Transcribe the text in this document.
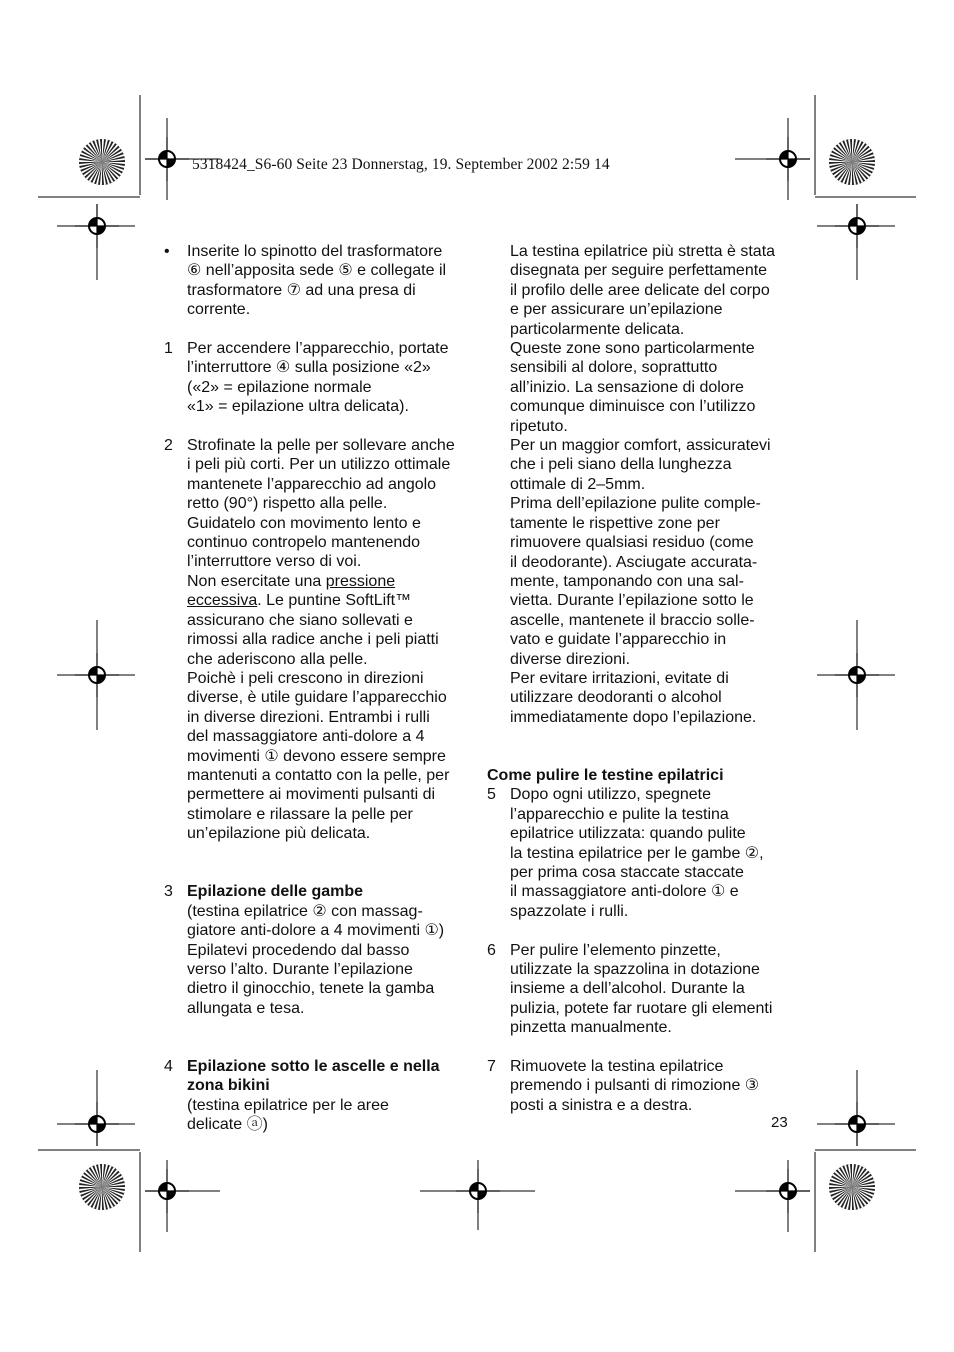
5318424_S6-60 Seite 23 Donnerstag, 19. September 2002 2:59 14
• Inserite lo spinotto del trasformatore
⑥ nell’apposita sede ⑤ e collegate il
trasformatore ⑦ ad una presa di
corrente.
1 Per accendere l’apparecchio, portate
l’interruttore ④ sulla posizione «2»
(«2» = epilazione normale
«1» = epilazione ultra delicata).
2 Strofinate la pelle per sollevare anche
i peli più corti. Per un utilizzo ottimale
mantenete l’apparecchio ad angolo
retto (90°) rispetto alla pelle.
Guidatelo con movimento lento e
continuo contropelo mantenendo
l’interruttore verso di voi.
Non esercitate una pressione
eccessiva. Le puntine SoftLift™
assicurano che siano sollevati e
rimossi alla radice anche i peli piatti
che aderiscono alla pelle.
Poichè i peli crescono in direzioni
diverse, è utile guidare l’apparecchio
in diverse direzioni. Entrambi i rulli
del massaggiatore anti-dolore a 4
movimenti ① devono essere sempre
mantenuti a contatto con la pelle, per
permettere ai movimenti pulsanti di
stimolare e rilassare la pelle per
un’epilazione più delicata.
3 Epilazione delle gambe
(testina epilatrice ② con massag-
giatore anti-dolore a 4 movimenti ①)
Epilatevi procedendo dal basso
verso l’alto. Durante l’epilazione
dietro il ginocchio, tenete la gamba
allungata e tesa.
4 Epilazione sotto le ascelle e nella
zona bikini
(testina epilatrice per le aree
delicate ⓐ)
La testina epilatrice più stretta è stata
disegnata per seguire perfettamente
il profilo delle aree delicate del corpo
e per assicurare un’epilazione
particolarmente delicata.
Queste zone sono particolarmente
sensibili al dolore, soprattutto
all’inizio. La sensazione di dolore
comunque diminuisce con l’utilizzo
ripetuto.
Per un maggior comfort, assicuratevi
che i peli siano della lunghezza
ottimale di 2–5mm.
Prima dell’epilazione pulite comple-
tamente le rispettive zone per
rimuovere qualsiasi residuo (come
il deodorante). Asciugate accurata-
mente, tamponando con una sal-
vietta. Durante l’epilazione sotto le
ascelle, mantenete il braccio solle-
vato e guidate l’apparecchio in
diverse direzioni.
Per evitare irritazioni, evitate di
utilizzare deodoranti o alcohol
immediatamente dopo l’epilazione.
Come pulire le testine epilatrici
5 Dopo ogni utilizzo, spegnete
l’apparecchio e pulite la testina
epilatrice utilizzata: quando pulite
la testina epilatrice per le gambe ②,
per prima cosa staccate staccate
il massaggiatore anti-dolore ① e
spazzolate i rulli.
6 Per pulire l’elemento pinzette,
utilizzate la spazzolina in dotazione
insieme a dell’alcohol. Durante la
pulizia, potete far ruotare gli elementi
pinzetta manualmente.
7 Rimuovete la testina epilatrice
premendo i pulsanti di rimozione ③
posti a sinistra e a destra.
23
